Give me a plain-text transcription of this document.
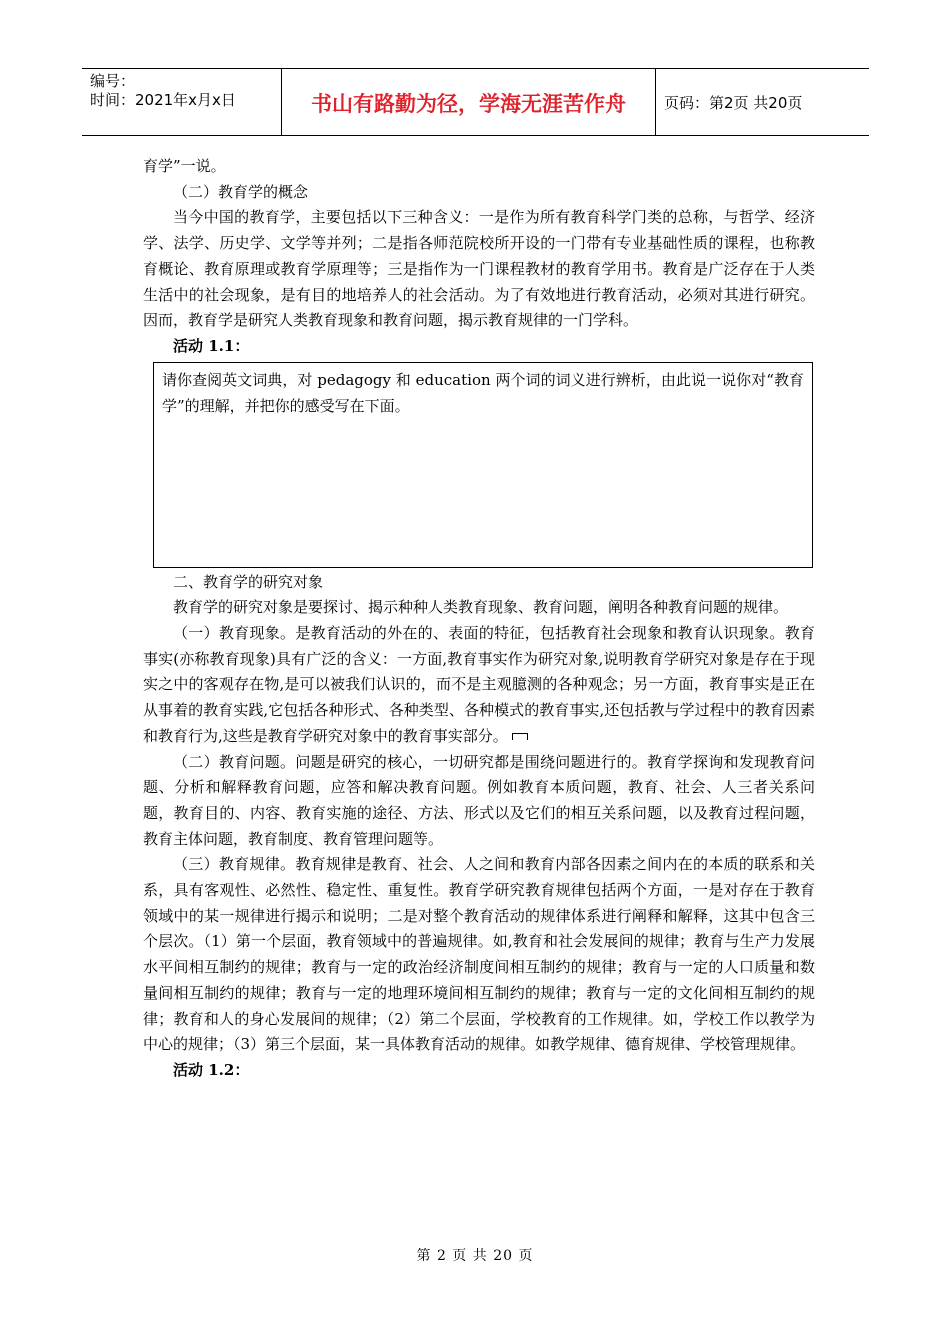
编号：
时间：2021年x月x日	书山有路勤为径，学海无涯苦作舟	页码：第2页 共20页

育学”一说。

（二）教育学的概念

当今中国的教育学，主要包括以下三种含义：一是作为所有教育科学门类的总称，与哲学、经济学、法学、历史学、文学等并列；二是指各师范院校所开设的一门带有专业基础性质的课程，也称教育概论、教育原理或教育学原理等；三是指作为一门课程教材的教育学用书。教育是广泛存在于人类生活中的社会现象，是有目的地培养人的社会活动。为了有效地进行教育活动，必须对其进行研究。因而，教育学是研究人类教育现象和教育问题，揭示教育规律的一门学科。

活动 1.1：

请你查阅英文词典，对 pedagogy 和 education 两个词的词义进行辨析，由此说一说你对“教育学”的理解，并把你的感受写在下面。

二、教育学的研究对象

教育学的研究对象是要探讨、揭示种种人类教育现象、教育问题，阐明各种教育问题的规律。

（一）教育现象。是教育活动的外在的、表面的特征，包括教育社会现象和教育认识现象。教育事实(亦称教育现象)具有广泛的含义：一方面,教育事实作为研究对象,说明教育学研究对象是存在于现实之中的客观存在物,是可以被我们认识的，而不是主观臆测的各种观念；另一方面，教育事实是正在从事着的教育实践,它包括各种形式、各种类型、各种模式的教育事实,还包括教与学过程中的教育因素和教育行为,这些是教育学研究对象中的教育事实部分。

（二）教育问题。问题是研究的核心，一切研究都是围绕问题进行的。教育学探询和发现教育问题、分析和解释教育问题，应答和解决教育问题。例如教育本质问题，教育、社会、人三者关系问题，教育目的、内容、教育实施的途径、方法、形式以及它们的相互关系问题，以及教育过程问题，教育主体问题，教育制度、教育管理问题等。

（三）教育规律。教育规律是教育、社会、人之间和教育内部各因素之间内在的本质的联系和关系，具有客观性、必然性、稳定性、重复性。教育学研究教育规律包括两个方面，一是对存在于教育领域中的某一规律进行揭示和说明；二是对整个教育活动的规律体系进行阐释和解释，这其中包含三个层次。（1）第一个层面，教育领域中的普遍规律。如,教育和社会发展间的规律；教育与生产力发展水平间相互制约的规律；教育与一定的政治经济制度间相互制约的规律；教育与一定的人口质量和数量间相互制约的规律；教育与一定的地理环境间相互制约的规律；教育与一定的文化间相互制约的规律；教育和人的身心发展间的规律；（2）第二个层面，学校教育的工作规律。如，学校工作以教学为中心的规律；（3）第三个层面，某一具体教育活动的规律。如教学规律、德育规律、学校管理规律。

活动 1.2：

第 2 页 共 20 页
